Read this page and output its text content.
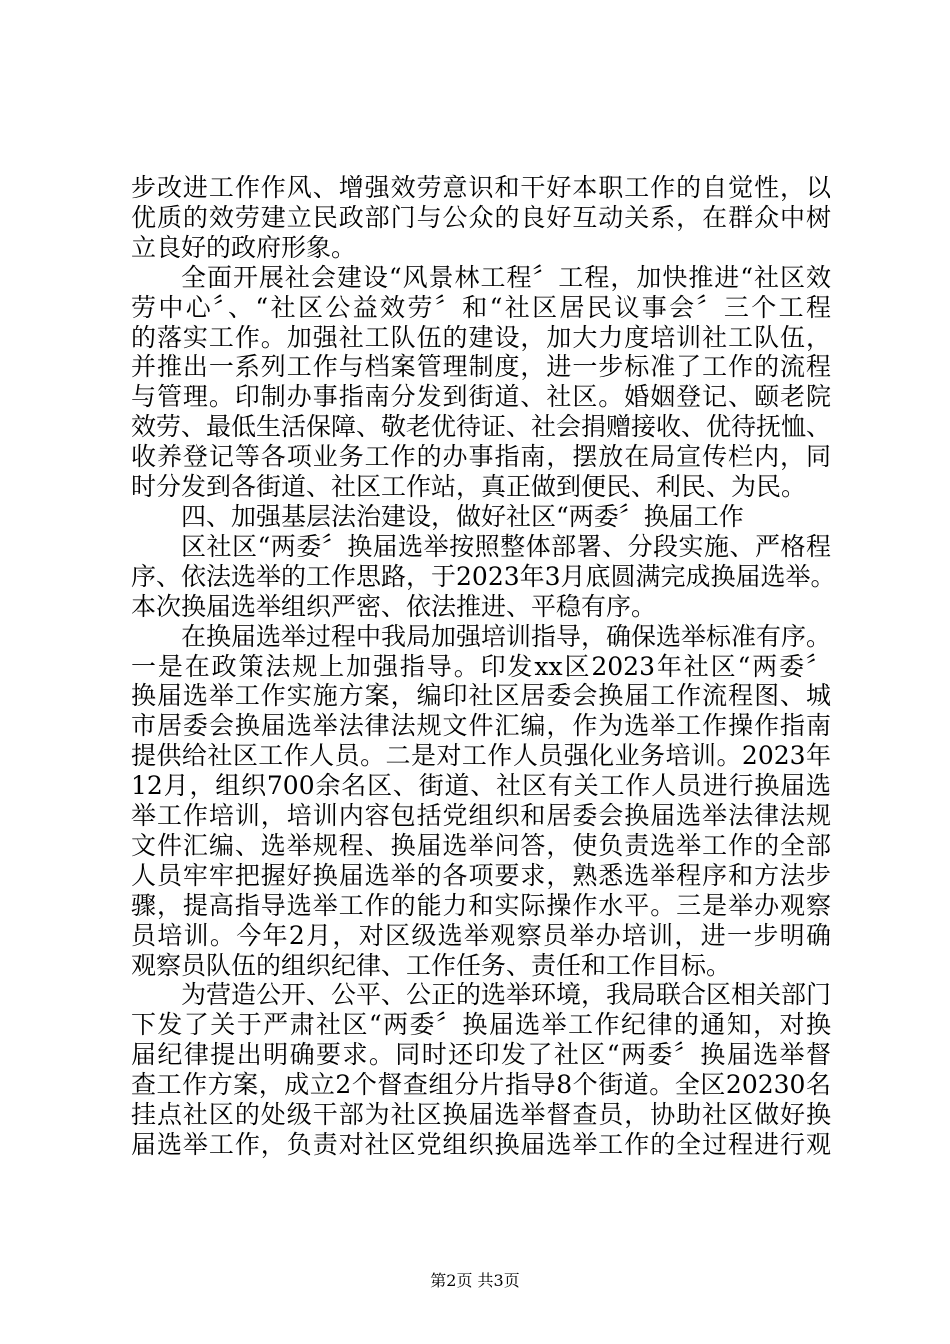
步改进工作作风、增强效劳意识和干好本职工作的自觉性，以
优质的效劳建立民政部门与公众的良好互动关系，在群众中树
立良好的政府形象。
全面开展社会建设“风景林工程〞工程，加快推进“社区效
劳中心〞、“社区公益效劳〞和“社区居民议事会〞三个工程
的落实工作。加强社工队伍的建设，加大力度培训社工队伍，
并推出一系列工作与档案管理制度，进一步标准了工作的流程
与管理。印制办事指南分发到街道、社区。婚姻登记、颐老院
效劳、最低生活保障、敬老优待证、社会捐赠接收、优待抚恤、
收养登记等各项业务工作的办事指南，摆放在局宣传栏内，同
时分发到各街道、社区工作站，真正做到便民、利民、为民。
四、加强基层法治建设，做好社区“两委〞换届工作
区社区“两委〞换届选举按照整体部署、分段实施、严格程
序、依法选举的工作思路，于2023年3月底圆满完成换届选举。
本次换届选举组织严密、依法推进、平稳有序。
在换届选举过程中我局加强培训指导，确保选举标准有序。
一是在政策法规上加强指导。印发xx区2023年社区“两委〞
换届选举工作实施方案，编印社区居委会换届工作流程图、城
市居委会换届选举法律法规文件汇编，作为选举工作操作指南
提供给社区工作人员。二是对工作人员强化业务培训。2023年
12月，组织700余名区、街道、社区有关工作人员进行换届选
举工作培训，培训内容包括党组织和居委会换届选举法律法规
文件汇编、选举规程、换届选举问答，使负责选举工作的全部
人员牢牢把握好换届选举的各项要求，熟悉选举程序和方法步
骤，提高指导选举工作的能力和实际操作水平。三是举办观察
员培训。今年2月，对区级选举观察员举办培训，进一步明确
观察员队伍的组织纪律、工作任务、责任和工作目标。
为营造公开、公平、公正的选举环境，我局联合区相关部门
下发了关于严肃社区“两委〞换届选举工作纪律的通知，对换
届纪律提出明确要求。同时还印发了社区“两委〞换届选举督
查工作方案，成立2个督查组分片指导8个街道。全区20230名
挂点社区的处级干部为社区换届选举督查员，协助社区做好换
届选举工作，负责对社区党组织换届选举工作的全过程进行观
第2页 共3页
